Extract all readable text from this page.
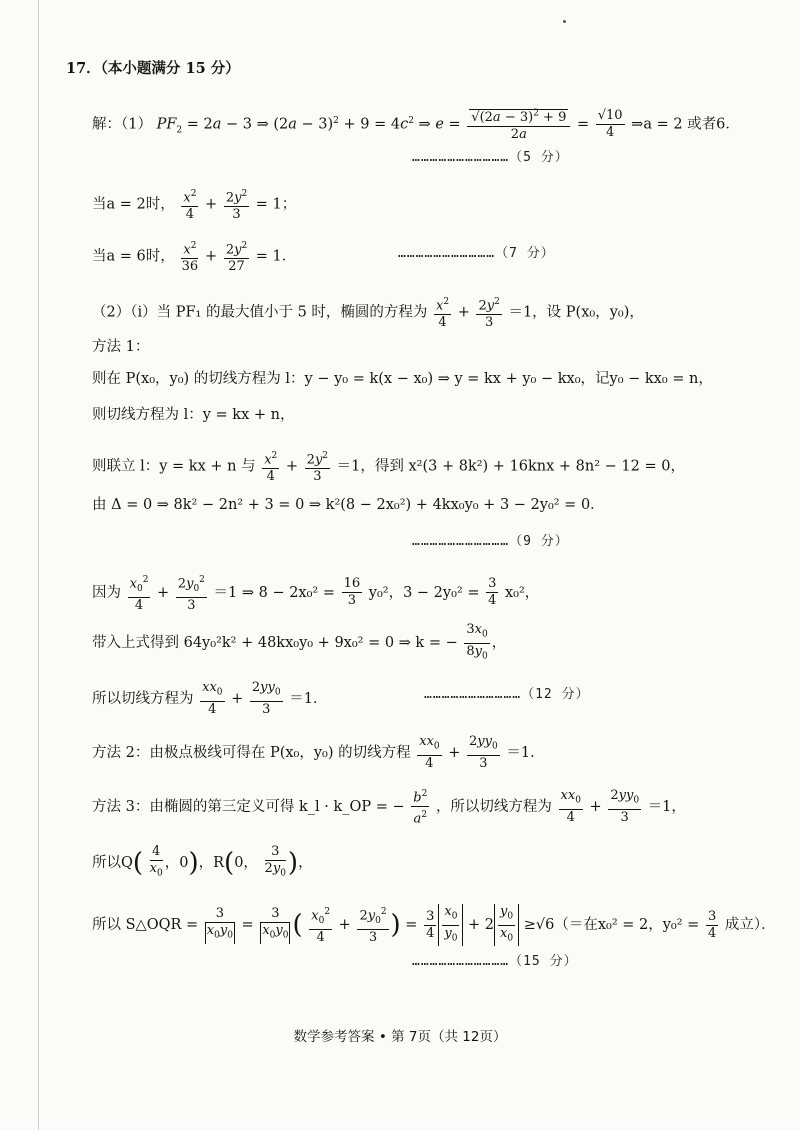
17．（本小题满分 15 分）
解：（1） $PF_2 = 2a - 3$ ⇒ $(2a - 3)^2 + 9 = 4c^2$ ⇒ $e = \frac{√(2a - 3)^2 + 9}{2a} = \frac{√10}{4}$ ⇒a = 2 或者6．
……………………………（5 分）
当a = 2时， $\frac{x^2}{4} + \frac{2y^2}{3} = 1$；
当a = 6时， $\frac{x^2}{36} + \frac{2y^2}{27} = 1$．	……………………………（7 分）
（2）（i）当 PF₁ 的最大值小于 5 时，椭圆的方程为 $\frac{x^2}{4} + \frac{2y^2}{3} =1$，设 P(x₀，y₀)，
方法 1：
则在 P(x₀，y₀) 的切线方程为 l：y − y₀ = k(x − x₀) ⇒ y = kx + y₀ − kx₀，记y₀ − kx₀ = n，
则切线方程为 l：y = kx + n，
则联立 l：y = kx + n 与 $\frac{x^2}{4} + \frac{2y^2}{3} =1$，得到 x²(3 + 8k²) + 16knx + 8n² − 12 = 0，
由 Δ = 0 ⇒ 8k² − 2n² + 3 = 0 ⇒ k²(8 − 2x₀²) + 4kx₀y₀ + 3 − 2y₀² = 0．
……………………………（9 分）
因为 $\frac{x_0^2}{4} + \frac{2y_0^2}{3} =1$ ⇒ $8 - 2x_0^2 = \frac{16}{3} y_0^2$，$3 - 2y_0^2 = \frac{3}{4} x_0^2$，
带入上式得到 64y₀²k² + 48kx₀y₀ + 9x₀² = 0 ⇒ k = − $\frac{3x_0}{8y_0}$ ，
所以切线方程为 $\frac{xx_0}{4} + \frac{2yy_0}{3} =1$．	……………………………（12 分）
方法 2：由极点极线可得在 P(x₀，y₀) 的切线方程 $\frac{xx_0}{4} + \frac{2yy_0}{3} =1$．
方法 3：由椭圆的第三定义可得 k_l · k_OP = − $\frac{b^2}{a^2}$ ，所以切线方程为 $\frac{xx_0}{4} + \frac{2yy_0}{3} =1$，
所以$Q( \frac{4}{x_0}$ ，0)，R(0， $\frac{3}{2y_0}$ )，
所以 S△OQR = $\frac{3}{x_0y_0} = \frac{3}{x_0y_0}$ ( $\frac{x_0^2}{4} + \frac{2y_0^2}{3}$ ) = $\frac{3}{4} \frac{x_0}{y_0} + 2 \frac{y_0}{x_0} \ge√6(=$在x₀² = 2，$y_0^2 = \frac{3}{4}$ 成立）．
……………………………（15 分）
数学参考答案 • 第 7页（共 12页）
